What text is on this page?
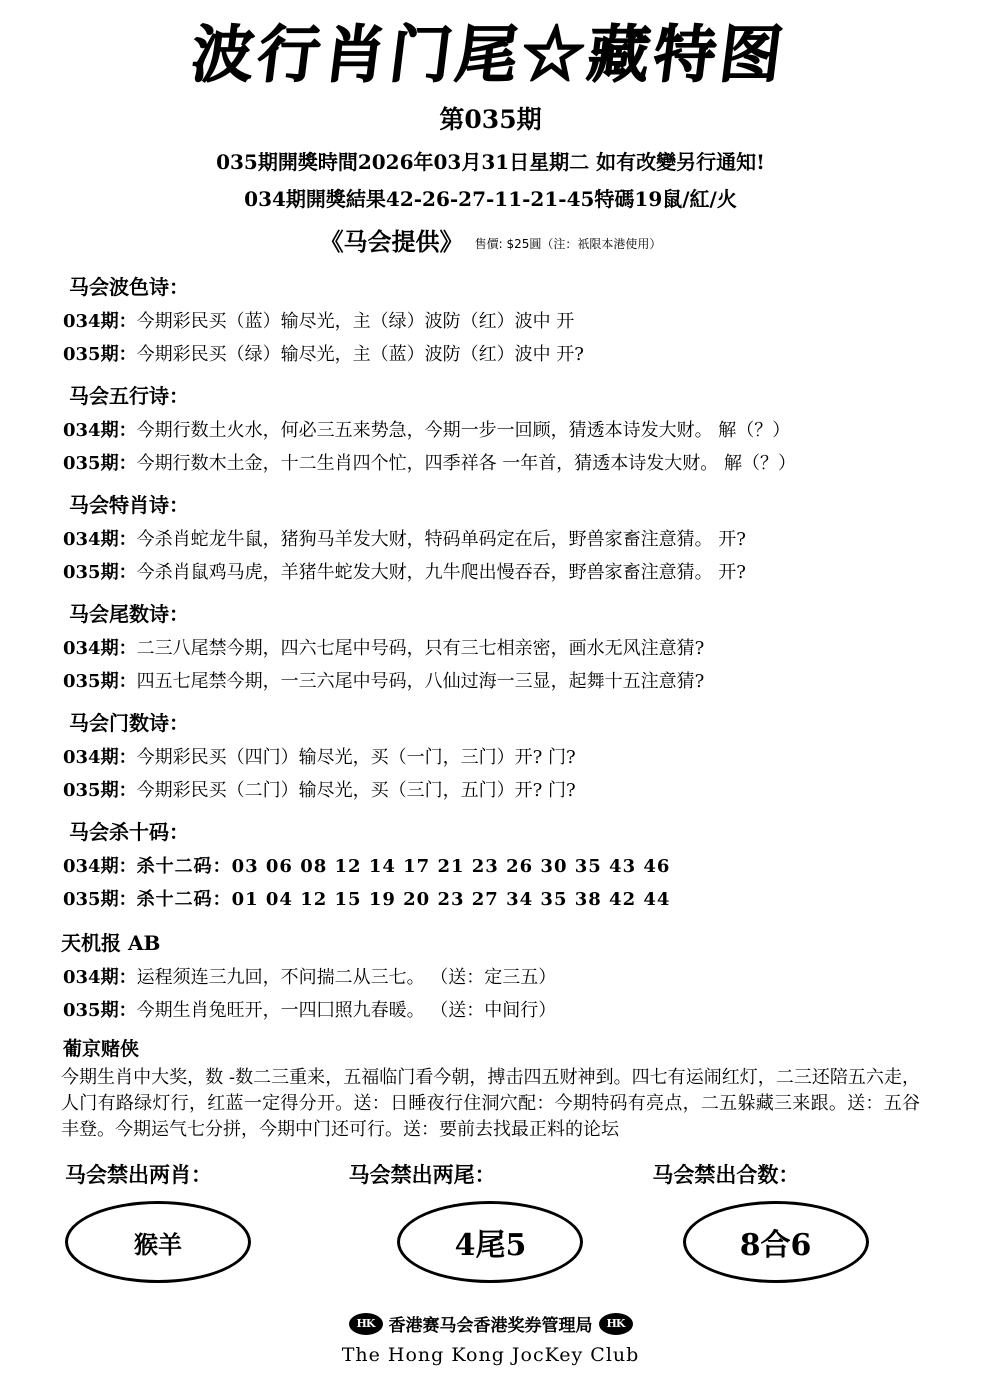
波行肖门尾☆藏特图
第035期
035期開獎時間2026年03月31日星期二 如有改變另行通知!
034期開獎結果42-26-27-11-21-45特碼19鼠/紅/火
《马会提供》 售價: $25圓（注：祇限本港使用）
马会波色诗：
034期：今期彩民买（蓝）输尽光，主（绿）波防（红）波中 开
035期：今期彩民买（绿）输尽光，主（蓝）波防（红）波中 开?
马会五行诗：
034期：今期行数土火水，何必三五来势急，今期一步一回顾，猜透本诗发大财。 解（？）
035期：今期行数木土金，十二生肖四个忙，四季祥各 一年首，猜透本诗发大财。 解（？）
马会特肖诗：
034期：今杀肖蛇龙牛鼠，猪狗马羊发大财，特码单码定在后，野兽家畜注意猜。 开?
035期：今杀肖鼠鸡马虎，羊猪牛蛇发大财，九牛爬出慢吞吞，野兽家畜注意猜。 开?
马会尾数诗：
034期：二三八尾禁今期，四六七尾中号码，只有三七相亲密，画水无风注意猜?
035期：四五七尾禁今期，一三六尾中号码，八仙过海一三显，起舞十五注意猜?
马会门数诗：
034期：今期彩民买（四门）输尽光，买（一门，三门）开? 门?
035期：今期彩民买（二门）输尽光，买（三门，五门）开? 门?
马会杀十码：
034期：杀十二码：03 06 08 12 14 17 21 23 26 30 35 43 46
035期：杀十二码：01 04 12 15 19 20 23 27 34 35 38 42 44
天机报 AB
034期：运程须连三九回，不问揣二从三七。 （送：定三五）
035期：今期生肖兔旺开，一四囗照九春暖。 （送：中间行）
葡京赌侠
今期生肖中大奖，数 -数二三重来，五福临门看今朝，搏击四五财神到。四七有运闹红灯，二三还陪五六走，人门有路绿灯行，红蓝一定得分开。送：日睡夜行住洞穴配：今期特码有亮点，二五躲藏三来跟。送：五谷丰登。今期运气七分拼，今期中门还可行。送：要前去找最正料的论坛
马会禁出两肖：	马会禁出两尾：	马会禁出合数：
猴羊	4尾5	8合6
HK 香港赛马会香港奖券管理局	HK
The Hong Kong JocKey Club
